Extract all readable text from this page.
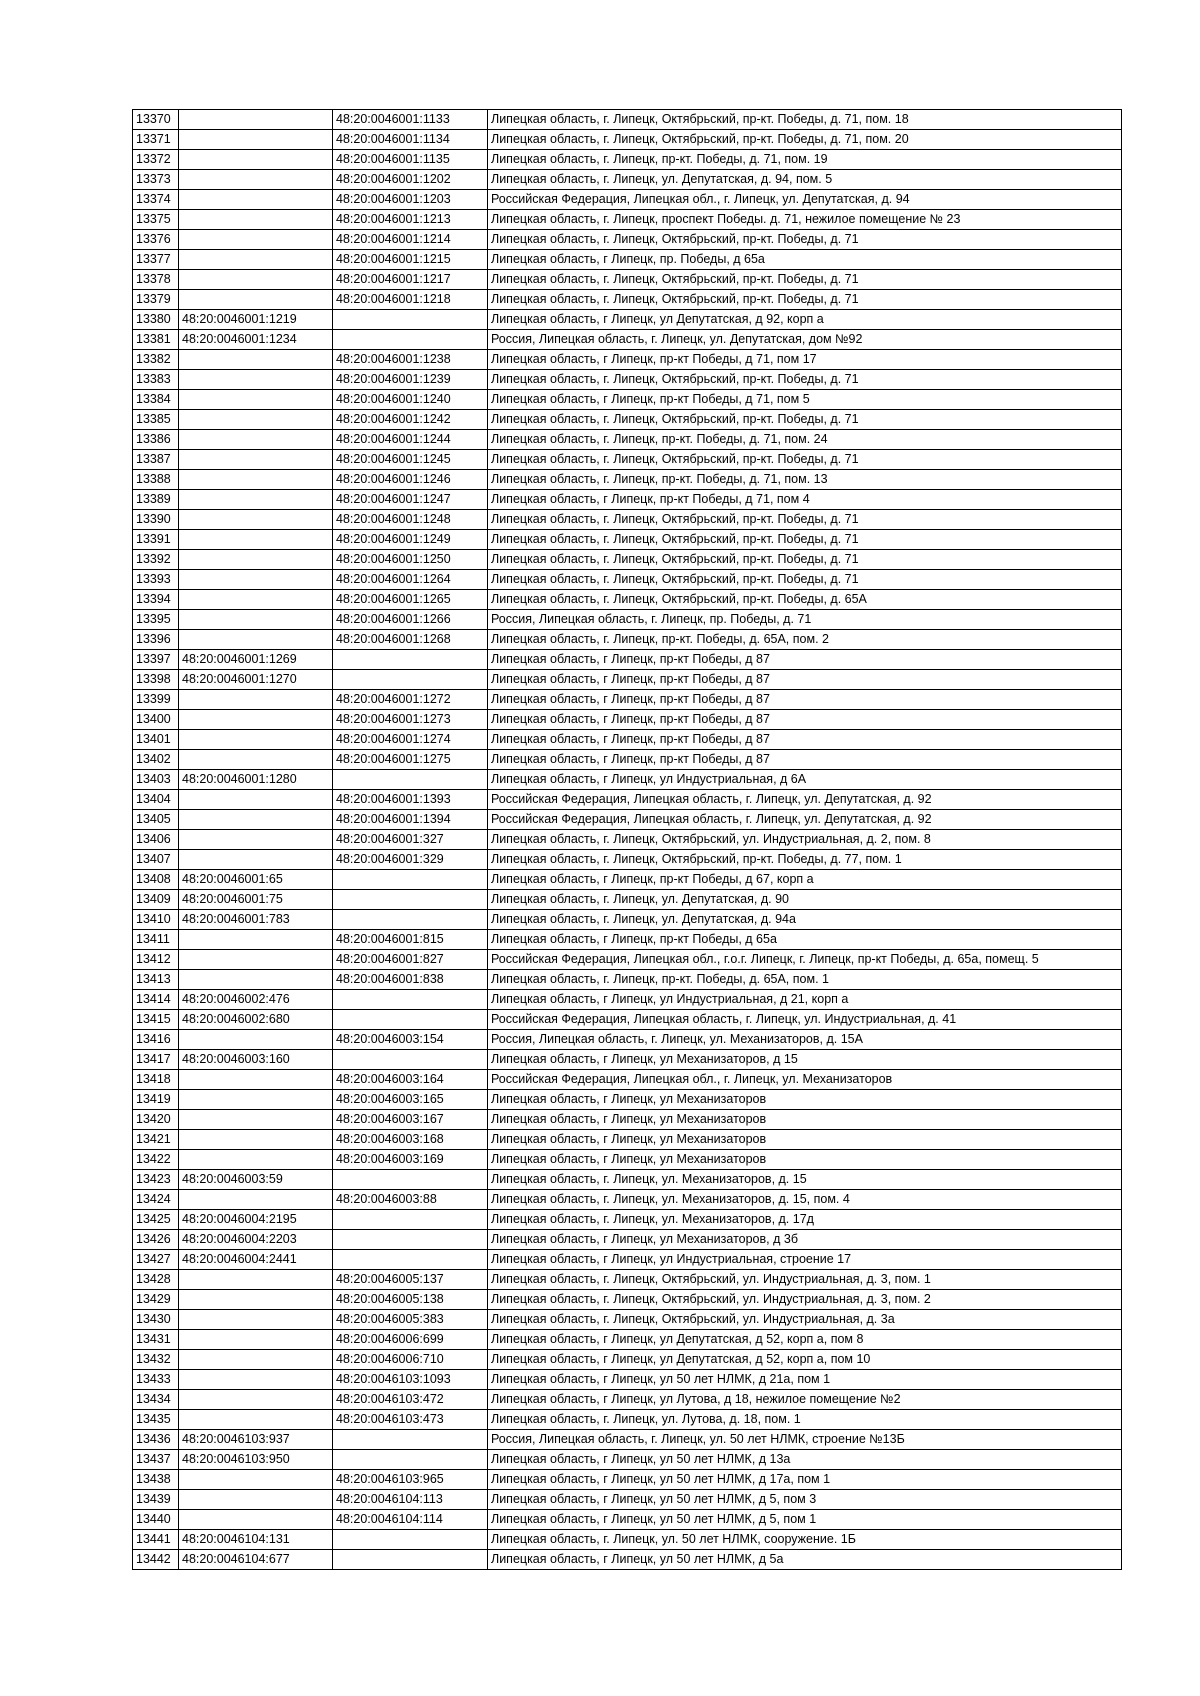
13370		48:20:0046001:1133	Липецкая область, г. Липецк, Октябрьский, пр-кт. Победы, д. 71, пом. 18
13371		48:20:0046001:1134	Липецкая область, г. Липецк, Октябрьский, пр-кт. Победы, д. 71, пом. 20
13372		48:20:0046001:1135	Липецкая область, г. Липецк, пр-кт. Победы, д. 71, пом. 19
13373		48:20:0046001:1202	Липецкая область, г. Липецк, ул. Депутатская, д. 94, пом. 5
13374		48:20:0046001:1203	Российская Федерация, Липецкая обл., г. Липецк, ул. Депутатская, д. 94
13375		48:20:0046001:1213	Липецкая область, г. Липецк, проспект Победы. д. 71, нежилое помещение № 23
13376		48:20:0046001:1214	Липецкая область, г. Липецк, Октябрьский, пр-кт. Победы, д. 71
13377		48:20:0046001:1215	Липецкая область, г Липецк, пр. Победы, д 65а
13378		48:20:0046001:1217	Липецкая область, г. Липецк, Октябрьский, пр-кт. Победы, д. 71
13379		48:20:0046001:1218	Липецкая область, г. Липецк, Октябрьский, пр-кт. Победы, д. 71
13380	48:20:0046001:1219		Липецкая область, г Липецк, ул Депутатская, д 92, корп а
13381	48:20:0046001:1234		Россия, Липецкая область, г. Липецк, ул. Депутатская, дом №92
13382		48:20:0046001:1238	Липецкая область, г Липецк, пр-кт Победы, д 71, пом 17
13383		48:20:0046001:1239	Липецкая область, г. Липецк, Октябрьский, пр-кт. Победы, д. 71
13384		48:20:0046001:1240	Липецкая область, г Липецк, пр-кт Победы, д 71, пом 5
13385		48:20:0046001:1242	Липецкая область, г. Липецк, Октябрьский, пр-кт. Победы, д. 71
13386		48:20:0046001:1244	Липецкая область, г. Липецк, пр-кт. Победы, д. 71, пом. 24
13387		48:20:0046001:1245	Липецкая область, г. Липецк, Октябрьский, пр-кт. Победы, д. 71
13388		48:20:0046001:1246	Липецкая область, г. Липецк, пр-кт. Победы, д. 71, пом. 13
13389		48:20:0046001:1247	Липецкая область, г Липецк, пр-кт Победы, д 71, пом 4
13390		48:20:0046001:1248	Липецкая область, г. Липецк, Октябрьский, пр-кт. Победы, д. 71
13391		48:20:0046001:1249	Липецкая область, г. Липецк, Октябрьский, пр-кт. Победы, д. 71
13392		48:20:0046001:1250	Липецкая область, г. Липецк, Октябрьский, пр-кт. Победы, д. 71
13393		48:20:0046001:1264	Липецкая область, г. Липецк, Октябрьский, пр-кт. Победы, д. 71
13394		48:20:0046001:1265	Липецкая область, г. Липецк, Октябрьский, пр-кт. Победы, д. 65А
13395		48:20:0046001:1266	Россия, Липецкая область, г. Липецк, пр. Победы, д. 71
13396		48:20:0046001:1268	Липецкая область, г. Липецк, пр-кт. Победы, д. 65А, пом. 2
13397	48:20:0046001:1269		Липецкая область, г Липецк, пр-кт Победы, д 87
13398	48:20:0046001:1270		Липецкая область, г Липецк, пр-кт Победы, д 87
13399		48:20:0046001:1272	Липецкая область, г Липецк, пр-кт Победы, д 87
13400		48:20:0046001:1273	Липецкая область, г Липецк, пр-кт Победы, д 87
13401		48:20:0046001:1274	Липецкая область, г Липецк, пр-кт Победы, д 87
13402		48:20:0046001:1275	Липецкая область, г Липецк, пр-кт Победы, д 87
13403	48:20:0046001:1280		Липецкая область, г Липецк, ул Индустриальная, д 6А
13404		48:20:0046001:1393	Российская Федерация, Липецкая область, г. Липецк, ул. Депутатская, д. 92
13405		48:20:0046001:1394	Российская Федерация, Липецкая область, г. Липецк, ул. Депутатская, д. 92
13406		48:20:0046001:327	Липецкая область, г. Липецк, Октябрьский, ул. Индустриальная, д. 2, пом. 8
13407		48:20:0046001:329	Липецкая область, г. Липецк, Октябрьский, пр-кт. Победы, д. 77, пом. 1
13408	48:20:0046001:65		Липецкая область, г Липецк, пр-кт Победы, д 67, корп а
13409	48:20:0046001:75		Липецкая область, г. Липецк, ул. Депутатская, д. 90
13410	48:20:0046001:783		Липецкая область, г. Липецк, ул. Депутатская, д. 94а
13411		48:20:0046001:815	Липецкая область, г Липецк, пр-кт Победы, д 65а
13412		48:20:0046001:827	Российская Федерация, Липецкая обл., г.о.г. Липецк, г. Липецк, пр-кт Победы, д. 65а, помещ. 5
13413		48:20:0046001:838	Липецкая область, г. Липецк, пр-кт. Победы, д. 65А, пом. 1
13414	48:20:0046002:476		Липецкая область, г Липецк, ул Индустриальная, д 21, корп а
13415	48:20:0046002:680		Российская Федерация, Липецкая область, г. Липецк, ул. Индустриальная, д. 41
13416		48:20:0046003:154	Россия, Липецкая область, г. Липецк, ул. Механизаторов, д. 15А
13417	48:20:0046003:160		Липецкая область, г Липецк, ул Механизаторов, д 15
13418		48:20:0046003:164	Российская Федерация, Липецкая обл., г. Липецк, ул. Механизаторов
13419		48:20:0046003:165	Липецкая область, г Липецк, ул Механизаторов
13420		48:20:0046003:167	Липецкая область, г Липецк, ул Механизаторов
13421		48:20:0046003:168	Липецкая область, г Липецк, ул Механизаторов
13422		48:20:0046003:169	Липецкая область, г Липецк, ул Механизаторов
13423	48:20:0046003:59		Липецкая область, г. Липецк, ул. Механизаторов, д. 15
13424		48:20:0046003:88	Липецкая область, г. Липецк, ул. Механизаторов, д. 15, пом. 4
13425	48:20:0046004:2195		Липецкая область, г. Липецк, ул. Механизаторов, д. 17д
13426	48:20:0046004:2203		Липецкая область, г Липецк, ул Механизаторов, д 3б
13427	48:20:0046004:2441		Липецкая область, г Липецк, ул Индустриальная, строение 17
13428		48:20:0046005:137	Липецкая область, г. Липецк, Октябрьский, ул. Индустриальная, д. 3, пом. 1
13429		48:20:0046005:138	Липецкая область, г. Липецк, Октябрьский, ул. Индустриальная, д. 3, пом. 2
13430		48:20:0046005:383	Липецкая область, г. Липецк, Октябрьский, ул. Индустриальная, д. 3а
13431		48:20:0046006:699	Липецкая область, г Липецк, ул Депутатская, д 52, корп а, пом 8
13432		48:20:0046006:710	Липецкая область, г Липецк, ул Депутатская, д 52, корп а, пом 10
13433		48:20:0046103:1093	Липецкая область, г Липецк, ул 50 лет НЛМК, д 21а, пом 1
13434		48:20:0046103:472	Липецкая область, г Липецк, ул Лутова, д 18, нежилое помещение №2
13435		48:20:0046103:473	Липецкая область, г. Липецк, ул. Лутова, д. 18, пом. 1
13436	48:20:0046103:937		Россия, Липецкая область, г. Липецк, ул. 50 лет НЛМК, строение №13Б
13437	48:20:0046103:950		Липецкая область, г Липецк, ул 50 лет НЛМК, д 13а
13438		48:20:0046103:965	Липецкая область, г Липецк, ул 50 лет НЛМК, д 17а, пом 1
13439		48:20:0046104:113	Липецкая область, г Липецк, ул 50 лет НЛМК, д 5, пом 3
13440		48:20:0046104:114	Липецкая область, г Липецк, ул 50 лет НЛМК, д 5, пом 1
13441	48:20:0046104:131		Липецкая область, г. Липецк, ул. 50 лет НЛМК, сооружение. 1Б
13442	48:20:0046104:677		Липецкая область, г Липецк, ул 50 лет НЛМК, д 5а
